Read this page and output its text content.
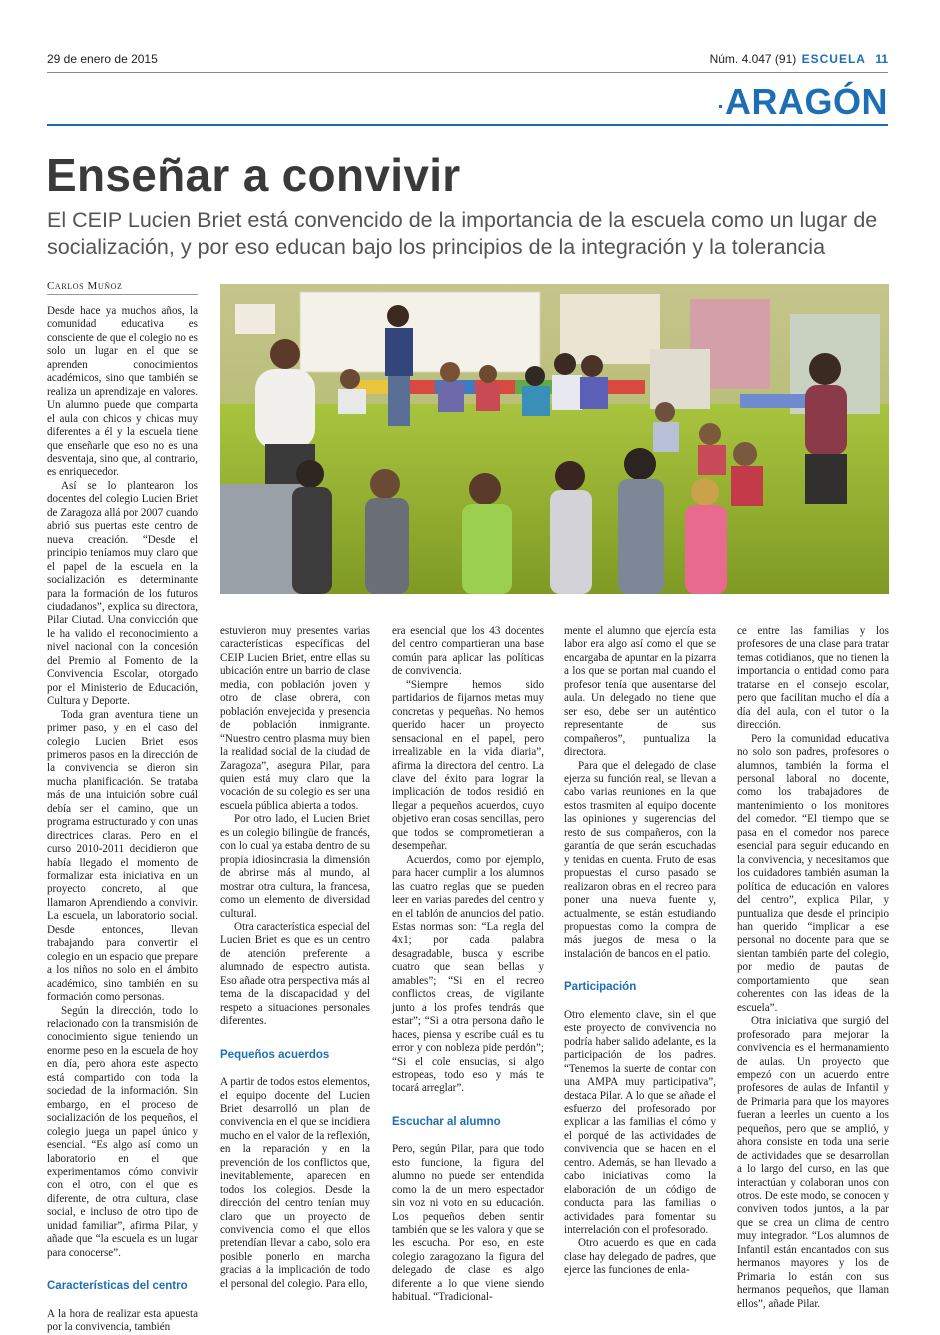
29 de enero de 2015	Núm. 4.047 (91) ESCUELA 11
ARAGÓN
Enseñar a convivir
El CEIP Lucien Briet está convencido de la importancia de la escuela como un lugar de socialización, y por eso educan bajo los principios de la integración y la tolerancia
Carlos Muñoz

Desde hace ya muchos años, la comunidad educativa es consciente de que el colegio no es solo un lugar en el que se aprenden conocimientos académicos, sino que también se realiza un aprendizaje en valores. Un alumno puede que comparta el aula con chicos y chicas muy diferentes a él y la escuela tiene que enseñarle que eso no es una desventaja, sino que, al contrario, es enriquecedor.

Así se lo plantearon los docentes del colegio Lucien Briet de Zaragoza allá por 2007 cuando abrió sus puertas este centro de nueva creación. “Desde el principio teníamos muy claro que el papel de la escuela en la socialización es determinante para la formación de los futuros ciudadanos”, explica su directora, Pilar Ciutad. Una convicción que le ha valido el reconocimiento a nivel nacional con la concesión del Premio al Fomento de la Convivencia Escolar, otorgado por el Ministerio de Educación, Cultura y Deporte.

Toda gran aventura tiene un primer paso, y en el caso del colegio Lucien Briet esos primeros pasos en la dirección de la convivencia se dieron sin mucha planificación. Se trataba más de una intuición sobre cuál debía ser el camino, que un programa estructurado y con unas directrices claras. Pero en el curso 2010-2011 decidieron que había llegado el momento de formalizar esta iniciativa en un proyecto concreto, al que llamaron Aprendiendo a convivir. La escuela, un laboratorio social. Desde entonces, llevan trabajando para convertir el colegio en un espacio que prepare a los niños no solo en el ámbito académico, sino también en su formación como personas.

Según la dirección, todo lo relacionado con la transmisión de conocimiento sigue teniendo un enorme peso en la escuela de hoy en día, pero ahora este aspecto está compartido con toda la sociedad de la información. Sin embargo, en el proceso de socialización de los pequeños, el colegio juega un papel único y esencial. “Es algo así como un laboratorio en el que experimentamos cómo convivir con el otro, con el que es diferente, de otra cultura, clase social, e incluso de otro tipo de unidad familiar”, afirma Pilar, y añade que “la escuela es un lugar para conocerse”.

Características del centro

A la hora de realizar esta apuesta por la convivencia, también

estuvieron muy presentes varias características específicas del CEIP Lucien Briet, entre ellas su ubicación entre un barrio de clase media, con población joven y otro de clase obrera, con población envejecida y presencia de población inmigrante. “Nuestro centro plasma muy bien la realidad social de la ciudad de Zaragoza”, asegura Pilar, para quien está muy claro que la vocación de su colegio es ser una escuela pública abierta a todos.

Por otro lado, el Lucien Briet es un colegio bilingüe de francés, con lo cual ya estaba dentro de su propia idiosincrasia la dimensión de abrirse más al mundo, al mostrar otra cultura, la francesa, como un elemento de diversidad cultural.

Otra característica especial del Lucien Briet es que es un centro de atención preferente a alumnado de espectro autista. Eso añade otra perspectiva más al tema de la discapacidad y del respeto a situaciones personales diferentes.

Pequeños acuerdos

A partir de todos estos elementos, el equipo docente del Lucien Briet desarrolló un plan de convivencia en el que se incidiera mucho en el valor de la reflexión, en la reparación y en la prevención de los conflictos que, inevitablemente, aparecen en todos los colegios. Desde la dirección del centro tenían muy claro que un proyecto de convivencia como el que ellos pretendían llevar a cabo, solo era posible ponerlo en marcha gracias a la implicación de todo el personal del colegio. Para ello,

era esencial que los 43 docentes del centro compartieran una base común para aplicar las políticas de convivencia.

“Siempre hemos sido partidarios de fijarnos metas muy concretas y pequeñas. No hemos querido hacer un proyecto sensacional en el papel, pero irrealizable en la vida diaria”, afirma la directora del centro. La clave del éxito para lograr la implicación de todos residió en llegar a pequeños acuerdos, cuyo objetivo eran cosas sencillas, pero que todos se comprometieran a desempeñar.

Acuerdos, como por ejemplo, para hacer cumplir a los alumnos las cuatro reglas que se pueden leer en varias paredes del centro y en el tablón de anuncios del patio. Estas normas son: “La regla del 4x1; por cada palabra desagradable, busca y escribe cuatro que sean bellas y amables”; “Si en el recreo conflictos creas, de vigilante junto a los profes tendrás que estar”; “Si a otra persona daño le haces, piensa y escribe cuál es tu error y con nobleza pide perdón”; “Si el cole ensucias, si algo estropeas, todo eso y más te tocará arreglar”.

Escuchar al alumno

Pero, según Pilar, para que todo esto funcione, la figura del alumno no puede ser entendida como la de un mero espectador sin voz ni voto en su educación. Los pequeños deben sentir también que se les valora y que se les escucha. Por eso, en este colegio zaragozano la figura del delegado de clase es algo diferente a lo que viene siendo habitual. “Tradicional-

mente el alumno que ejercía esta labor era algo así como el que se encargaba de apuntar en la pizarra a los que se portan mal cuando el profesor tenía que ausentarse del aula. Un delegado no tiene que ser eso, debe ser un auténtico representante de sus compañeros”, puntualiza la directora.

Para que el delegado de clase ejerza su función real, se llevan a cabo varias reuniones en la que estos trasmiten al equipo docente las opiniones y sugerencias del resto de sus compañeros, con la garantía de que serán escuchadas y tenidas en cuenta. Fruto de esas propuestas el curso pasado se realizaron obras en el recreo para poner una nueva fuente y, actualmente, se están estudiando propuestas como la compra de más juegos de mesa o la instalación de bancos en el patio.

Participación

Otro elemento clave, sin el que este proyecto de convivencia no podría haber salido adelante, es la participación de los padres. “Tenemos la suerte de contar con una AMPA muy participativa”, destaca Pilar. A lo que se añade el esfuerzo del profesorado por explicar a las familias el cómo y el porqué de las actividades de convivencia que se hacen en el centro. Además, se han llevado a cabo iniciativas como la elaboración de un código de conducta para las familias o actividades para fomentar su interrelación con el profesorado.

Otro acuerdo es que en cada clase hay delegado de padres, que ejerce las funciones de enla-

ce entre las familias y los profesores de una clase para tratar temas cotidianos, que no tienen la importancia o entidad como para tratarse en el consejo escolar, pero que facilitan mucho el día a día del aula, con el tutor o la dirección.

Pero la comunidad educativa no solo son padres, profesores o alumnos, también la forma el personal laboral no docente, como los trabajadores de mantenimiento o los monitores del comedor. “El tiempo que se pasa en el comedor nos parece esencial para seguir educando en la convivencia, y necesitamos que los cuidadores también asuman la política de educación en valores del centro”, explica Pilar, y puntualiza que desde el principio han querido “implicar a ese personal no docente para que se sientan también parte del colegio, por medio de pautas de comportamiento que sean coherentes con las ideas de la escuela”.

Otra iniciativa que surgió del profesorado para mejorar la convivencia es el hermanamiento de aulas. Un proyecto que empezó con un acuerdo entre profesores de aulas de Infantil y de Primaria para que los mayores fueran a leerles un cuento a los pequeños, pero que se amplió, y ahora consiste en toda una serie de actividades que se desarrollan a lo largo del curso, en las que interactúan y colaboran unos con otros. De este modo, se conocen y conviven todos juntos, a la par que se crea un clima de centro muy integrador. “Los alumnos de Infantil están encantados con sus hermanos mayores y los de Primaria lo están con sus hermanos pequeños, que llaman ellos”, añade Pilar.
